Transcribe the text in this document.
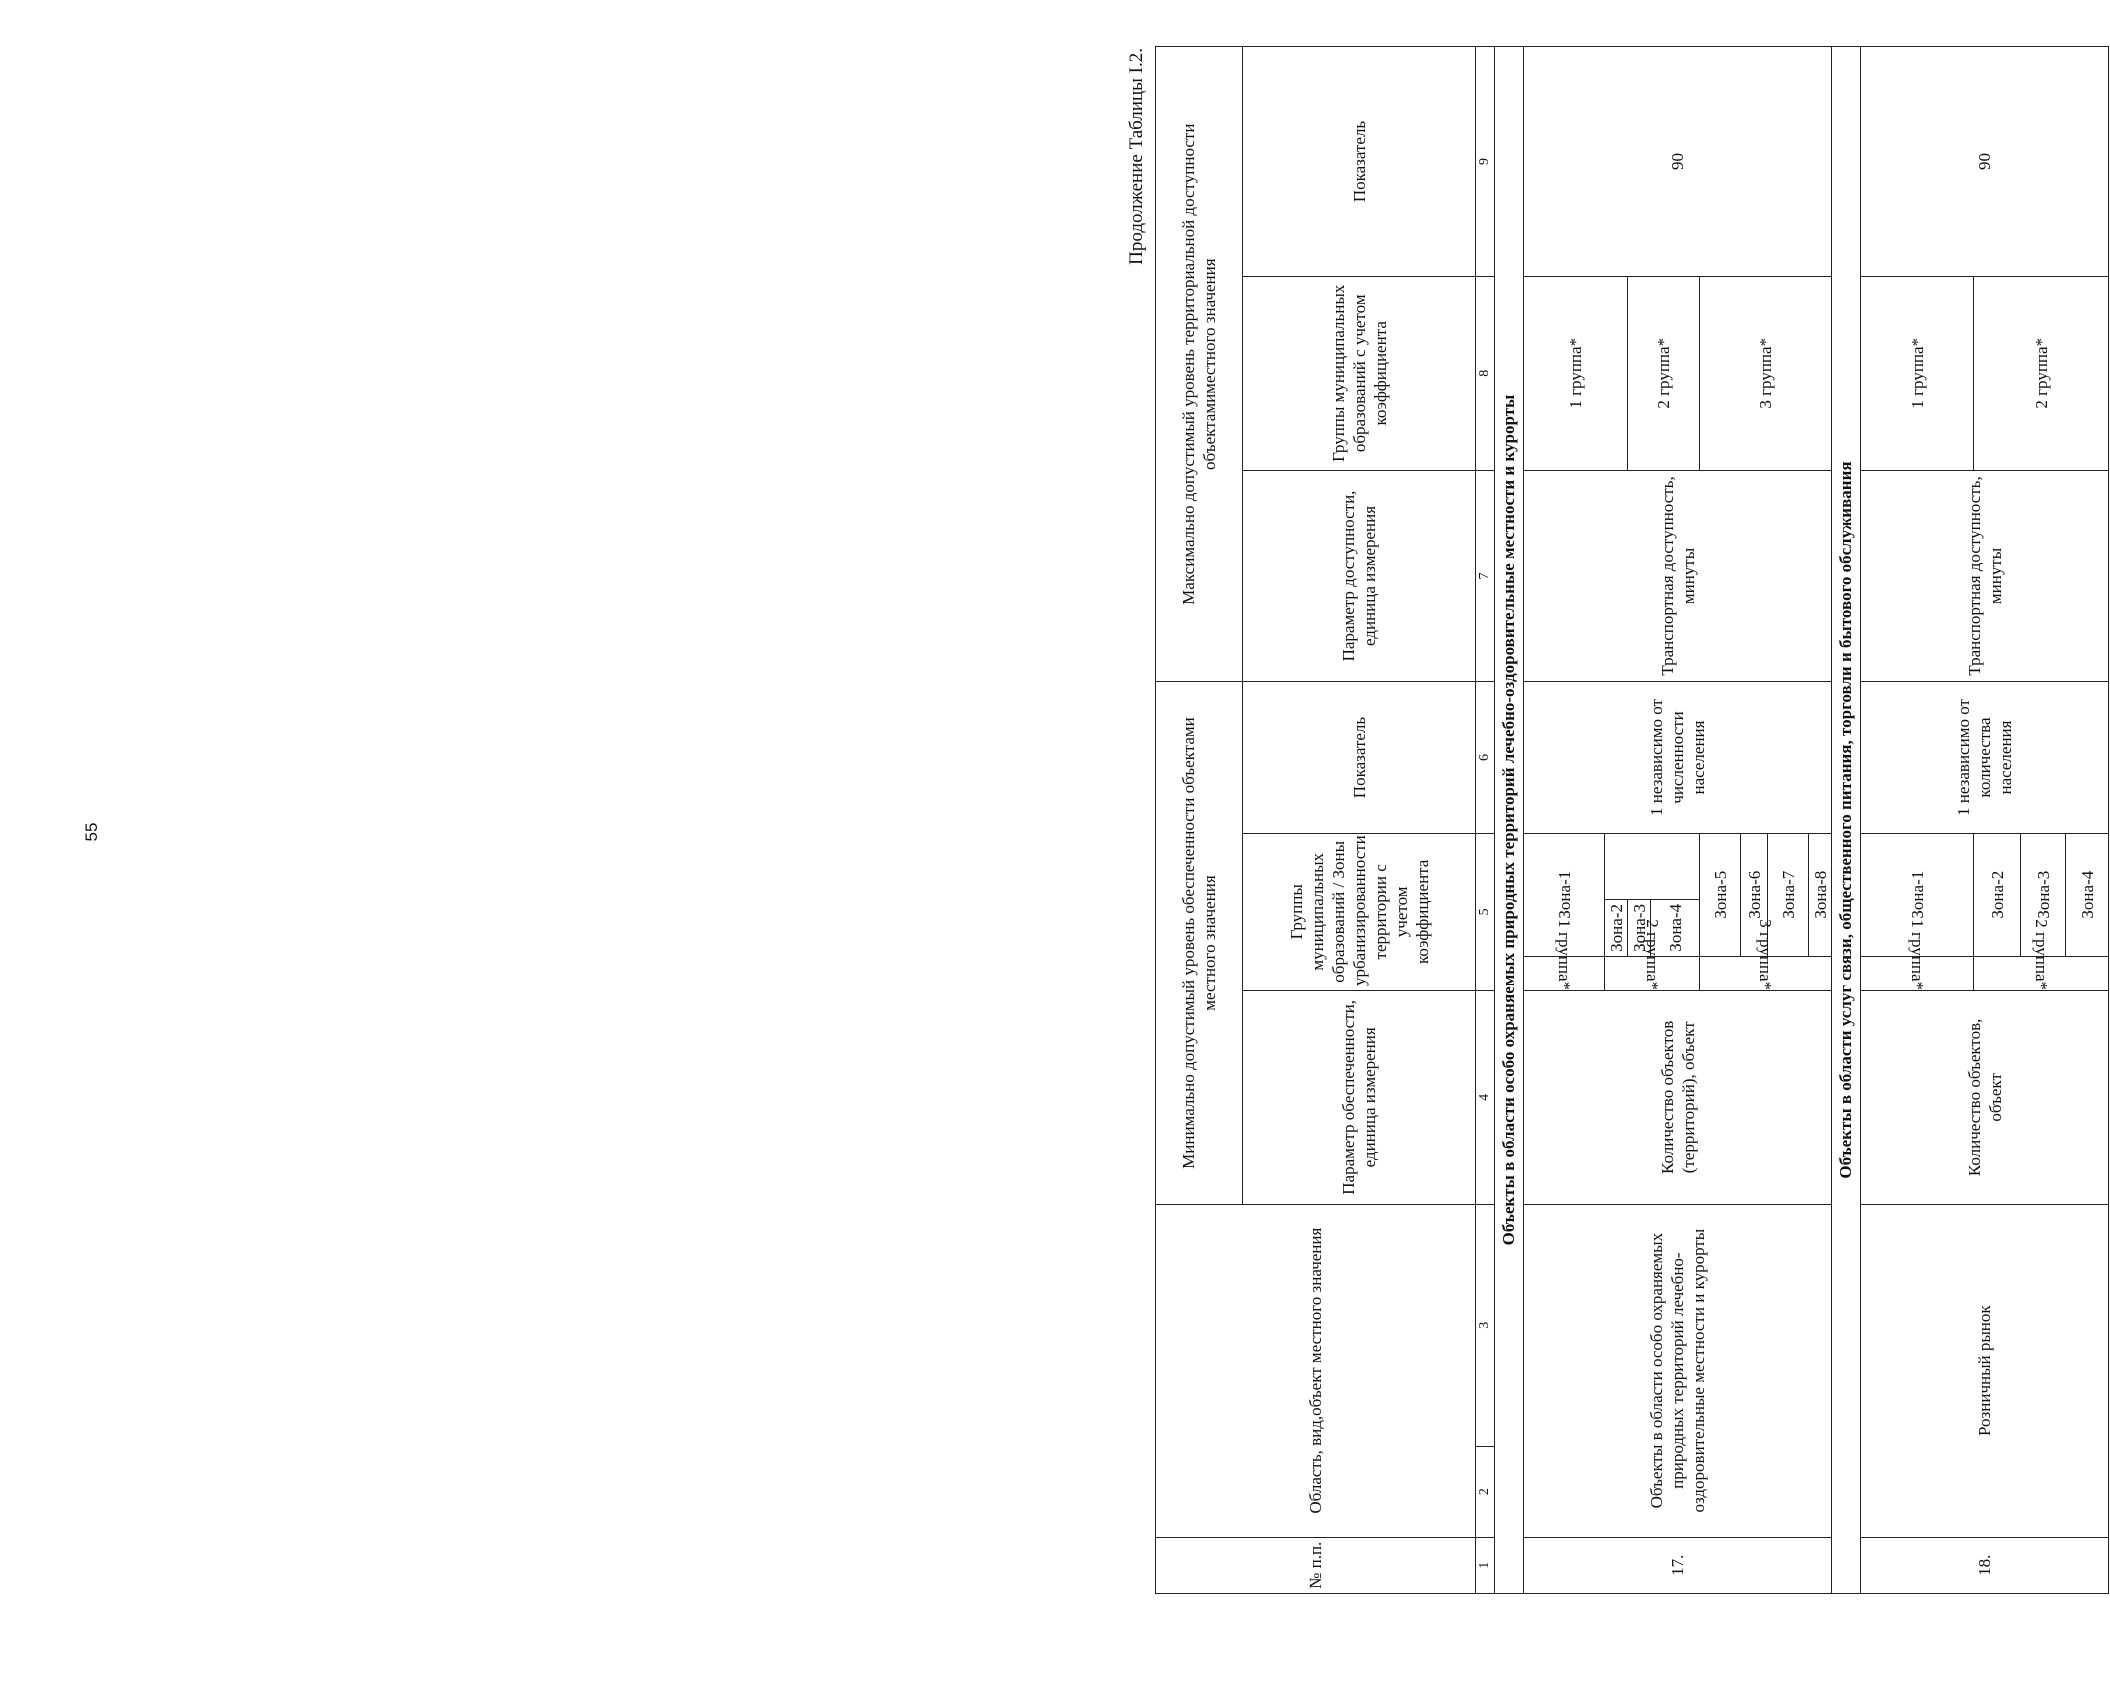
55
Продолжение Таблицы I.2.
№ п.п.	Область, вид,объект местного значения		Минимально допустимый уровень обеспеченности объектами местного значения					Максимально допустимый уровень территориальной доступности объектамиместного значения		
			Параметр обеспеченности, единица измерения	Группы муниципальных образований / Зоны урбанизированности территории с учетом коэффициента			Показатель	Параметр доступности, единица измерения	Группы муниципальных образований с учетом коэффициента	Показатель
1	2	3	4	5			6	7	8	9
Объекты в области особо охраняемых природных территорий лечебно-оздоровительные местности и курорты										
17.	Объекты в области особо охраняемых природных территорий лечебно-оздоровительные местности и курорты		Количество объектов (территорий), объект	1 группа*	Зона-1		1 независимо от численности населения	Транспортная доступность, минуты	1 группа*	90
				2 группа*	Зона-2					
					Зона-3				2 группа*	
					Зона-4					
				3 группа*	Зона-5				3 группа*	
					Зона-6					
					Зона-7					
					Зона-8					
Объекты в области услуг связи, общественного питания, торговли и бытового обслуживания										
18.	Розничный рынок		Количество объектов, объект	1 группа*	Зона-1		1 независимо от количества населения	Транспортная доступность, минуты	1 группа*	90
				2 группа*	Зона-2				2 группа*	
					Зона-3					
					Зона-4					
